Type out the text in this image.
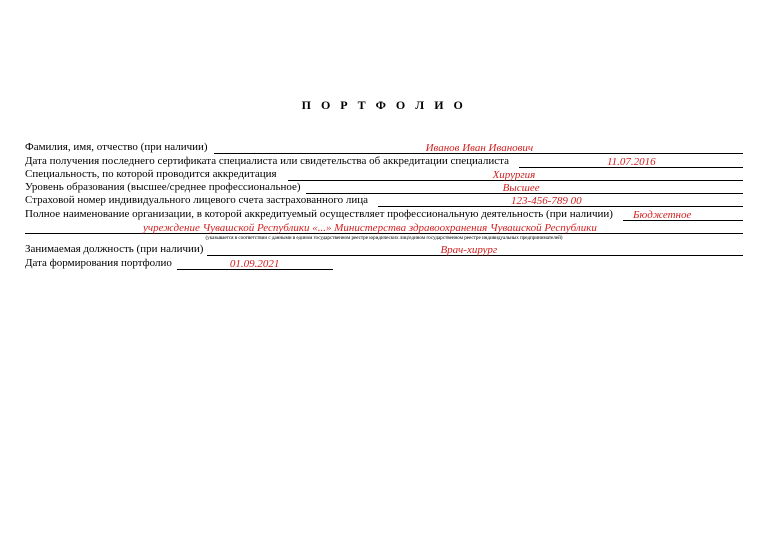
П О Р Т Ф О Л И О
Фамилия, имя, отчество (при наличии)	Иванов Иван Иванович
Дата получения последнего сертификата специалиста или свидетельства об аккредитации специалиста	11.07.2016
Специальность, по которой проводится аккредитация	Хирургия
Уровень образования (высшее/среднее профессиональное)	Высшее
Страховой номер индивидуального лицевого счета застрахованного лица	123-456-789 00
Полное наименование организации, в которой аккредитуемый осуществляет профессиональную деятельность (при наличии) Бюджетное
учреждение Чувашской Республики «...» Министерства здравоохранения Чувашской Республики
(указывается в соответствии с данными в едином государственном реестре юридических лиц/едином государственном реестре индивидуальных предпринимателей)
Занимаемая должность (при наличии)	Врач-хирург
Дата формирования портфолио	01.09.2021
